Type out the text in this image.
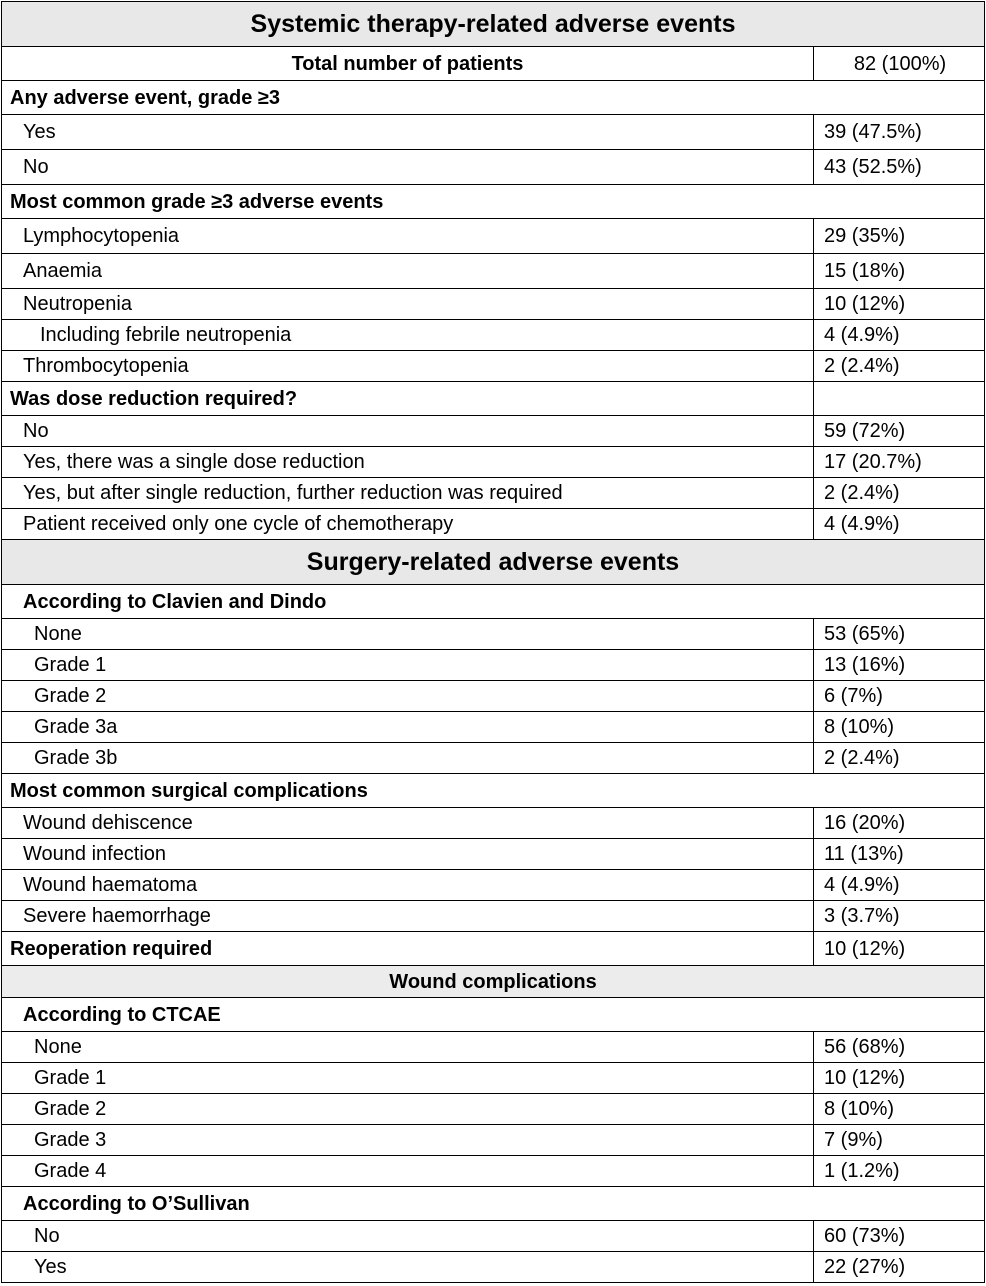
Systemic therapy-related adverse events	
Total number of patients	82 (100%)
Any adverse event, grade ≥3	
Yes	39 (47.5%)
No	43 (52.5%)
Most common grade ≥3 adverse events	
Lymphocytopenia	29 (35%)
Anaemia	15 (18%)
Neutropenia	10 (12%)
Including febrile neutropenia	4 (4.9%)
Thrombocytopenia	2 (2.4%)
Was dose reduction required?	
No	59 (72%)
Yes, there was a single dose reduction	17 (20.7%)
Yes, but after single reduction, further reduction was required	2 (2.4%)
Patient received only one cycle of chemotherapy	4 (4.9%)
Surgery-related adverse events	
According to Clavien and Dindo	
None	53 (65%)
Grade 1	13 (16%)
Grade 2	6 (7%)
Grade 3a	8 (10%)
Grade 3b	2 (2.4%)
Most common surgical complications	
Wound dehiscence	16 (20%)
Wound infection	11 (13%)
Wound haematoma	4 (4.9%)
Severe haemorrhage	3 (3.7%)
Reoperation required	10 (12%)
Wound complications	
According to CTCAE	
None	56 (68%)
Grade 1	10 (12%)
Grade 2	8 (10%)
Grade 3	7 (9%)
Grade 4	1 (1.2%)
According to O’Sullivan	
No	60 (73%)
Yes	22 (27%)
